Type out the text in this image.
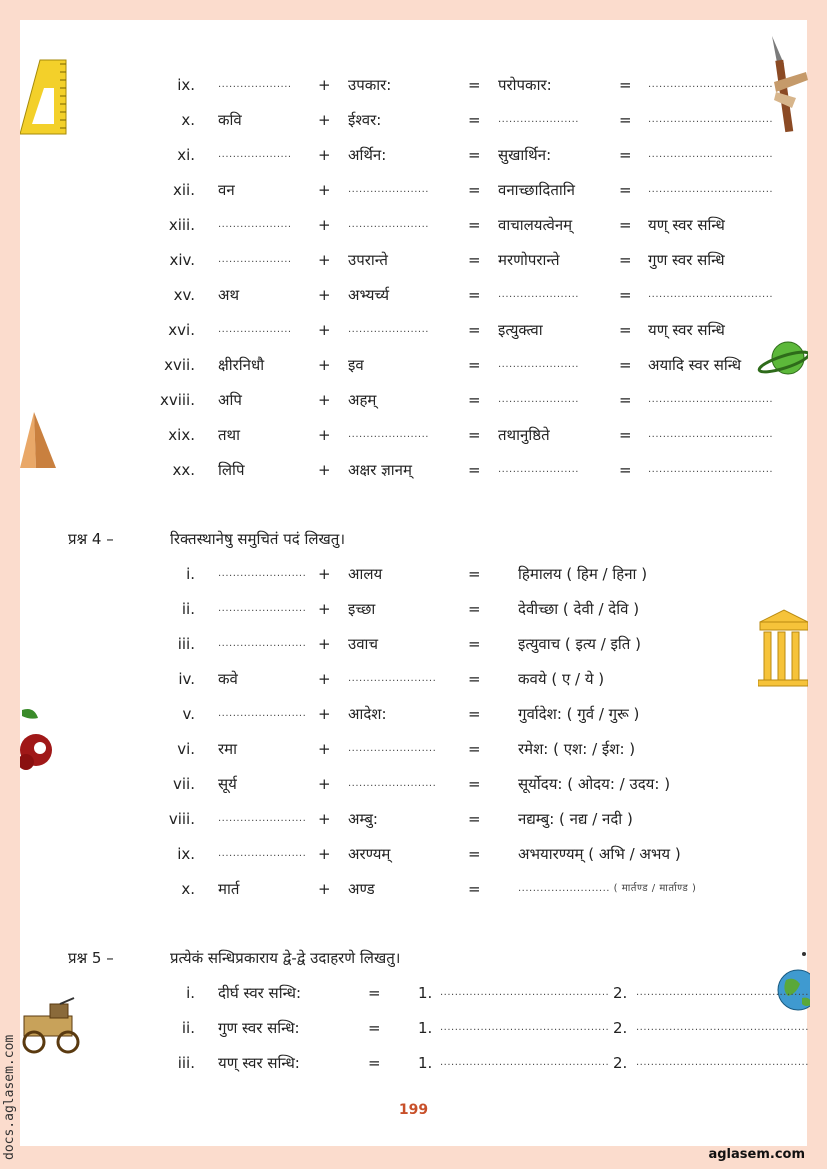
ix. .................... + उपकार:	= परोपकार:	= ..................................
x. कवि	+ ईश्वर:	= ......................	= ..................................
xi. .................... + अर्थिन:	= सुखार्थिन:	= ..................................
xii. वन	+ ......................	= वनाच्छादितानि	= ..................................
xiii. .................... + ......................	= वाचालयत्वेनम्	= यण् स्वर सन्धि
xiv. .................... + उपरान्ते	= मरणोपरान्ते	= गुण स्वर सन्धि
xv. अथ	+ अभ्यर्च्य	= ......................	= ..................................
xvi. .................... + ......................	= इत्युक्त्वा	= यण् स्वर सन्धि
xvii. क्षीरनिधौ	+ इव	= ......................	= अयादि स्वर सन्धि
xviii. अपि	+ अहम्	= ......................	= ..................................
xix. तथा	+ ......................	= तथानुष्ठिते	= ..................................
xx. लिपि	+ अक्षर ज्ञानम्	= ......................	= ..................................
प्रश्न 4 –	रिक्तस्थानेषु समुचितं पदं लिखतु।
i. ........................ + आलय	= हिमालय ( हिम / हिना )
ii. ........................ + इच्छा	= देवीच्छा ( देवी / देवि )
iii. ........................ + उवाच	= इत्युवाच ( इत्य / इति )
iv. कवे	+ ........................ = कवये ( ए / ये )
v. ........................ + आदेश:	= गुर्वादेश: ( गुर्व / गुरू )
vi. रमा	+ ........................ = रमेश: ( एश: / ईश: )
vii. सूर्य	+ ........................ = सूर्योदय: ( ओदय: / उदय: )
viii. ........................ + अम्बु:	= नद्यम्बु: ( नद्य / नदी )
ix. ........................ + अरण्यम्	= अभयारण्यम् ( अभि / अभय )
x. मार्त	+ अण्ड	=	......................... ( मार्तण्ड / मार्ताण्ड )
प्रश्न 5 –	प्रत्येकं सन्धिप्रकाराय द्वे-द्वे उदाहरणे लिखतु।
i. दीर्घ स्वर सन्धि:	= 1. .............................................. 2. ...............................................
ii. गुण स्वर सन्धि:	= 1. .............................................. 2. ...............................................
iii. यण् स्वर सन्धि:	= 1. .............................................. 2. ...............................................
199
aglasem.com
docs.aglasem.com
